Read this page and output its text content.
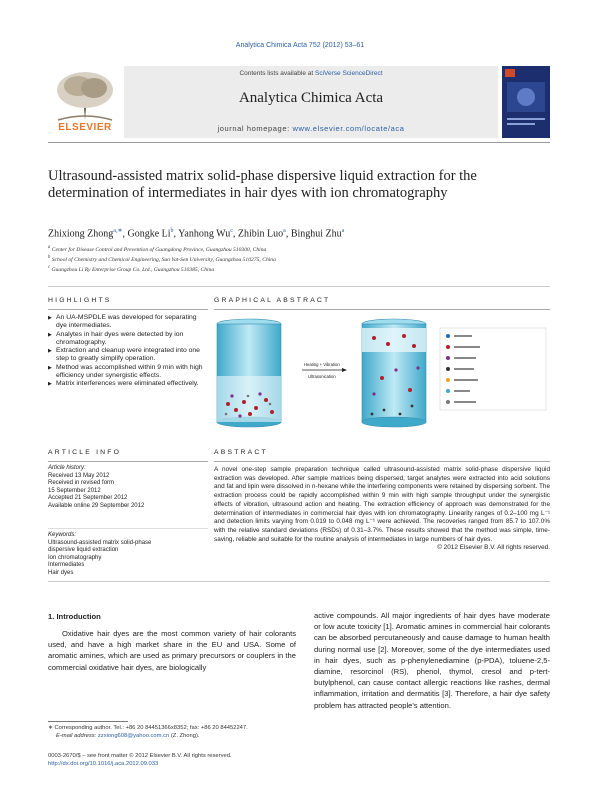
Analytica Chimica Acta 752 (2012) 53–61
ELSEVIER
Contents lists available at SciVerse ScienceDirect
Analytica Chimica Acta
journal homepage: www.elsevier.com/locate/aca
Ultrasound-assisted matrix solid-phase dispersive liquid extraction for the determination of intermediates in hair dyes with ion chromatography
Zhixiong Zhong$^{a,∗}$, Gongke Li$^b$, Yanhong Wu$^c$, Zhibin Luo$^a$, Binghui Zhu$^a$
$^a$ Center for Disease Control and Prevention of Guangdong Province, Guangzhou 510300, China
$^b$ School of Chemistry and Chemical Engineering, Sun Yat-Sen University, Guangzhou 510275, China
$^c$ Guangzhou Li Ry Enterprise Group Co. Ltd., Guangzhou 510385, China
HIGHLIGHTS
▶ An UA-MSPDLE was developed for separating dye intermediates.
▶ Analytes in hair dyes were detected by ion chromatography.
▶ Extraction and cleanup were integrated into one step to greatly simplify operation.
▶ Method was accomplished within 9 min with high efficiency under synergistic effects.
▶ Matrix interferences were eliminated effectively.
GRAPHICAL ABSTRACT
Heating + Vibration
Ultrasonication
ARTICLE INFO
Article history:
Received 13 May 2012
Received in revised form
15 September 2012
Accepted 21 September 2012
Available online 29 September 2012
Keywords:
Ultrasound-assisted matrix solid-phase
dispersive liquid extraction
Ion chromatography
Intermediates
Hair dyes
ABSTRACT
A novel one-step sample preparation technique called ultrasound-assisted matrix solid-phase dispersive liquid extraction was developed. After sample matrices being dispersed, target analytes were extracted into acid solutions and fat and lipin were dissolved in n-hexane while the interfering components were retained by dispersing sorbent. The extraction process could be rapidly accomplished within 9 min with high sample throughput under the synergistic effects of vibration, ultrasound action and heating. The extraction efficiency of approach was demonstrated for the determination of intermediates in commercial hair dyes with ion chromatography. Linearity ranges of 0.2–100 mg L⁻¹ and detection limits varying from 0.019 to 0.048 mg L⁻¹ were achieved. The recoveries ranged from 85.7 to 107.0% with the relative standard deviations (RSDs) of 0.31–3.7%. These results showed that the method was simple, time-saving, reliable and suitable for the routine analysis of intermediates in large numbers of hair dyes.
© 2012 Elsevier B.V. All rights reserved.
1. Introduction
Oxidative hair dyes are the most common variety of hair colorants used, and have a high market share in the EU and USA. Some of aromatic amines, which are used as primary precursors or couplers in the commercial oxidative hair dyes, are biologically
active compounds. All major ingredients of hair dyes have moderate or low acute toxicity [1]. Aromatic amines in commercial hair colorants can be absorbed percutaneously and cause damage to human health during normal use [2]. Moreover, some of the dye intermediates used in hair dyes, such as p-phenylenediamine (p-PDA), toluene-2,5-diamine, resorcinol (RS), phenol, thymol, cresol and p-tert-butylphenol, can cause contact allergic reactions like rashes, dermal inflammation, irritation and dermatitis [3]. Therefore, a hair dye safety problem has attracted people's attention.
∗ Corresponding author. Tel.: +86 20 84451366x8352; fax: +86 20 84452247.
E-mail address: zzxiong608@yahoo.com.cn (Z. Zhong).
0003-2670/$ – see front matter © 2012 Elsevier B.V. All rights reserved.
http://dx.doi.org/10.1016/j.aca.2012.09.033
